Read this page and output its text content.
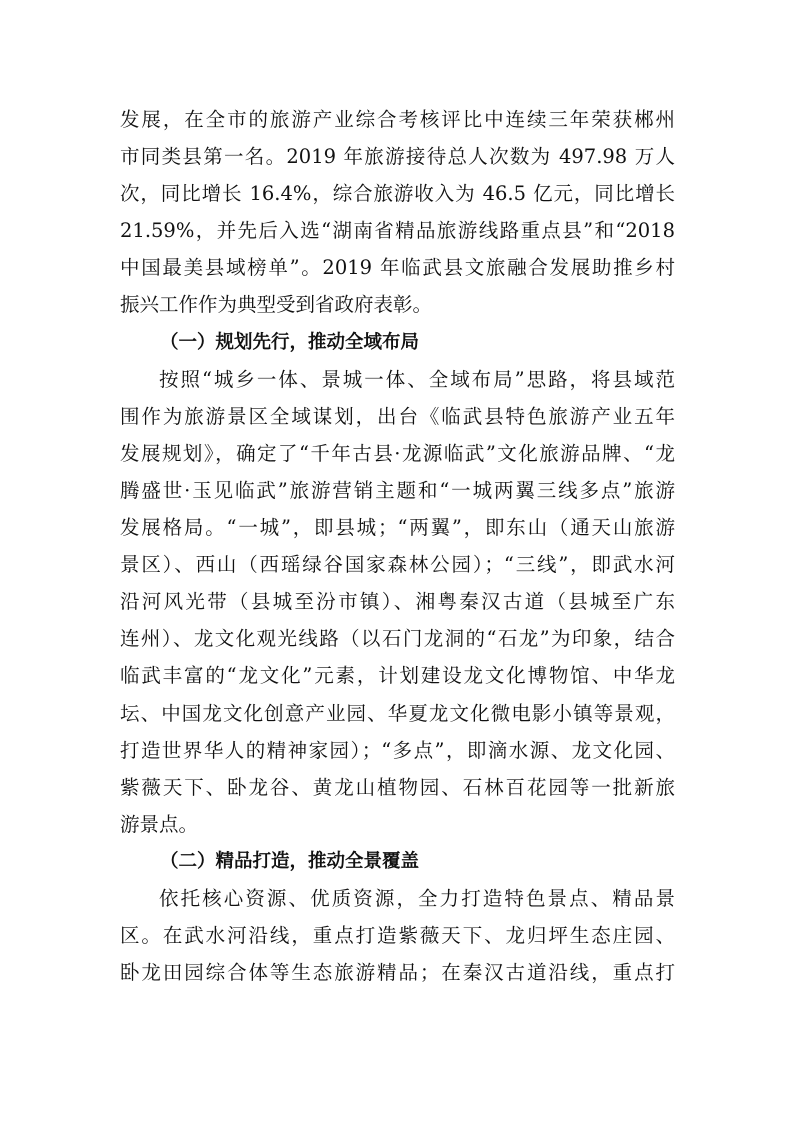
发展，在全市的旅游产业综合考核评比中连续三年荣获郴州
市同类县第一名。2019 年旅游接待总人次数为 497.98 万人
次，同比增长 16.4%，综合旅游收入为 46.5 亿元，同比增长
21.59%，并先后入选“湖南省精品旅游线路重点县”和“2018
中国最美县域榜单”。2019 年临武县文旅融合发展助推乡村
振兴工作作为典型受到省政府表彰。
（一）规划先行，推动全域布局
按照“城乡一体、景城一体、全域布局”思路，将县域范
围作为旅游景区全域谋划，出台《临武县特色旅游产业五年
发展规划》，确定了“千年古县·龙源临武”文化旅游品牌、“龙
腾盛世·玉见临武”旅游营销主题和“一城两翼三线多点”旅游
发展格局。“一城”，即县城；“两翼”，即东山（通天山旅游
景区）、西山（西瑶绿谷国家森林公园）；“三线”，即武水河
沿河风光带（县城至汾市镇）、湘粤秦汉古道（县城至广东
连州）、龙文化观光线路（以石门龙洞的“石龙”为印象，结合
临武丰富的“龙文化”元素，计划建设龙文化博物馆、中华龙
坛、中国龙文化创意产业园、华夏龙文化微电影小镇等景观，
打造世界华人的精神家园）；“多点”，即滴水源、龙文化园、
紫薇天下、卧龙谷、黄龙山植物园、石林百花园等一批新旅
游景点。
（二）精品打造，推动全景覆盖
依托核心资源、优质资源，全力打造特色景点、精品景
区。在武水河沿线，重点打造紫薇天下、龙归坪生态庄园、
卧龙田园综合体等生态旅游精品；在秦汉古道沿线，重点打
